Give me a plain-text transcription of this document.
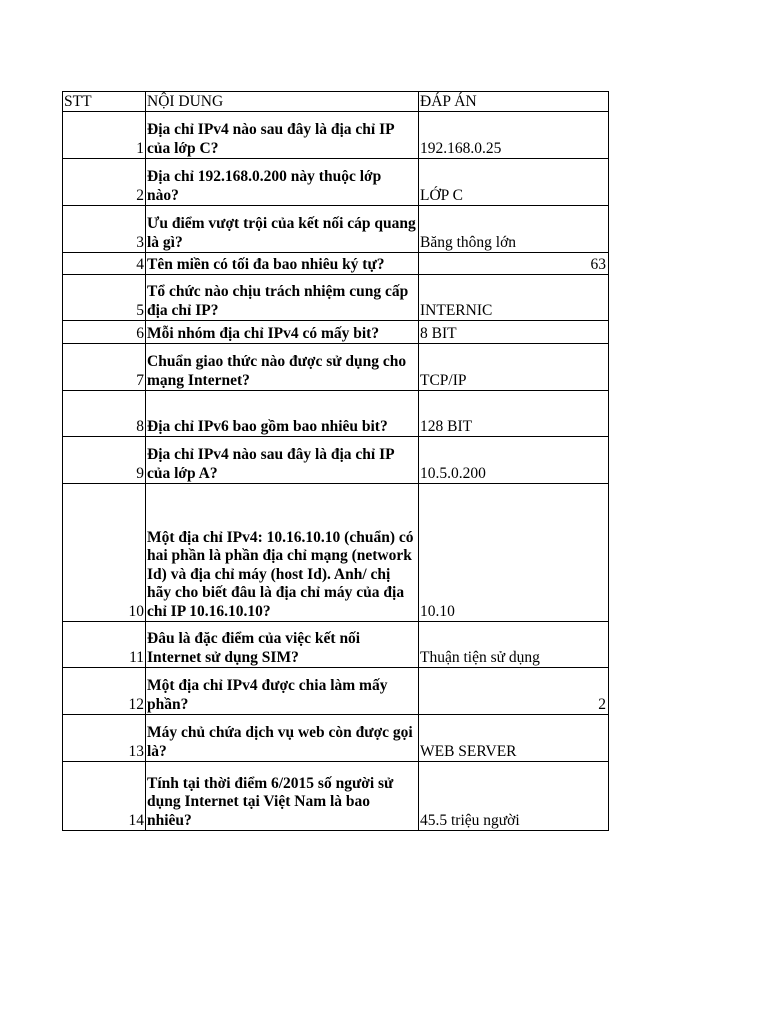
STT	NỘI DUNG	ĐÁP ÁN
1	Địa chỉ IPv4 nào sau đây là địa chỉ IP của lớp C?	192.168.0.25
2	Địa chỉ 192.168.0.200 này thuộc lớp nào?	LỚP C
3	Ưu điểm vượt trội của kết nối cáp quang là gì?	Băng thông lớn
4	Tên miền có tối đa bao nhiêu ký tự?	63
5	Tổ chức nào chịu trách nhiệm cung cấp địa chỉ IP?	INTERNIC
6	Mỗi nhóm địa chỉ IPv4 có mấy bit?	8 BIT
7	Chuẩn giao thức nào được sử dụng cho mạng Internet?	TCP/IP
8	Địa chỉ IPv6 bao gồm bao nhiêu bit?	128 BIT
9	Địa chỉ IPv4 nào sau đây là địa chỉ IP của lớp A?	10.5.0.200
10	Một địa chỉ IPv4: 10.16.10.10 (chuẩn) có hai phần là phần địa chỉ mạng (network Id) và địa chỉ máy (host Id). Anh/ chị hãy cho biết đâu là địa chỉ máy của địa chỉ IP 10.16.10.10?	10.10
11	Đâu là đặc điểm của việc kết nối Internet sử dụng SIM?	Thuận tiện sử dụng
12	Một địa chỉ IPv4 được chia làm mấy phần?	2
13	Máy chủ chứa dịch vụ web còn được gọi là?	WEB SERVER
14	Tính tại thời điểm 6/2015 số người sử dụng Internet tại Việt Nam là bao nhiêu?	45.5 triệu người
